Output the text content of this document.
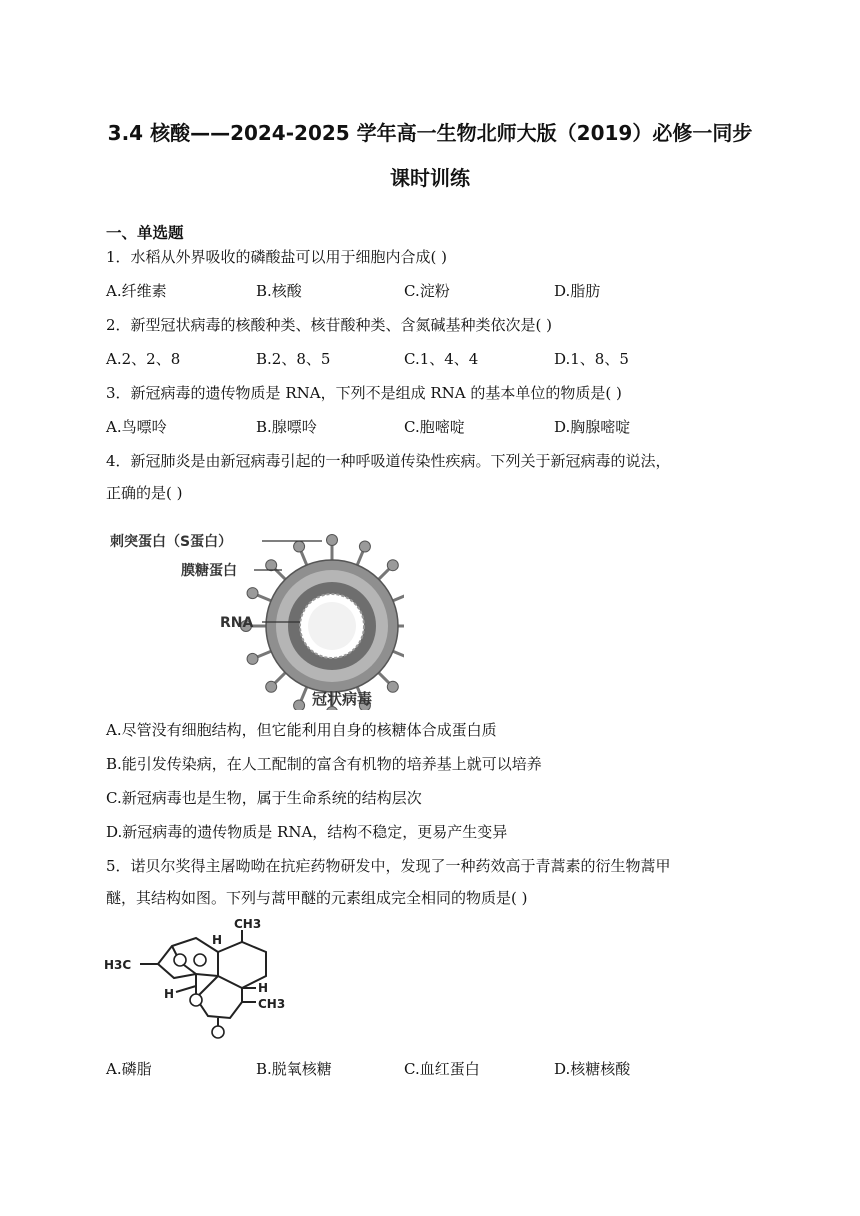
3.4 核酸——2024-2025 学年高一生物北师大版（2019）必修一同步
课时训练
一、单选题
1．水稻从外界吸收的磷酸盐可以用于细胞内合成( )
A.纤维素	B.核酸	C.淀粉	D.脂肪
2．新型冠状病毒的核酸种类、核苷酸种类、含氮碱基种类依次是( )
A.2、2、8	B.2、8、5	C.1、4、4	D.1、8、5
3．新冠病毒的遗传物质是 RNA，下列不是组成 RNA 的基本单位的物质是( )
A.鸟嘌呤	B.腺嘌呤	C.胞嘧啶	D.胸腺嘧啶
4．新冠肺炎是由新冠病毒引起的一种呼吸道传染性疾病。下列关于新冠病毒的说法，
正确的是( )
刺突蛋白（S蛋白）
膜糖蛋白
RNA
冠状病毒
A.尽管没有细胞结构，但它能利用自身的核糖体合成蛋白质
B.能引发传染病，在人工配制的富含有机物的培养基上就可以培养
C.新冠病毒也是生物，属于生命系统的结构层次
D.新冠病毒的遗传物质是 RNA，结构不稳定，更易产生变异
5．诺贝尔奖得主屠呦呦在抗疟药物研发中，发现了一种药效高于青蒿素的衍生物蒿甲
醚，其结构如图。下列与蒿甲醚的元素组成完全相同的物质是( )
CH3
H3C
H
H	H
CH3
A.磷脂	B.脱氧核糖	C.血红蛋白	D.核糖核酸
